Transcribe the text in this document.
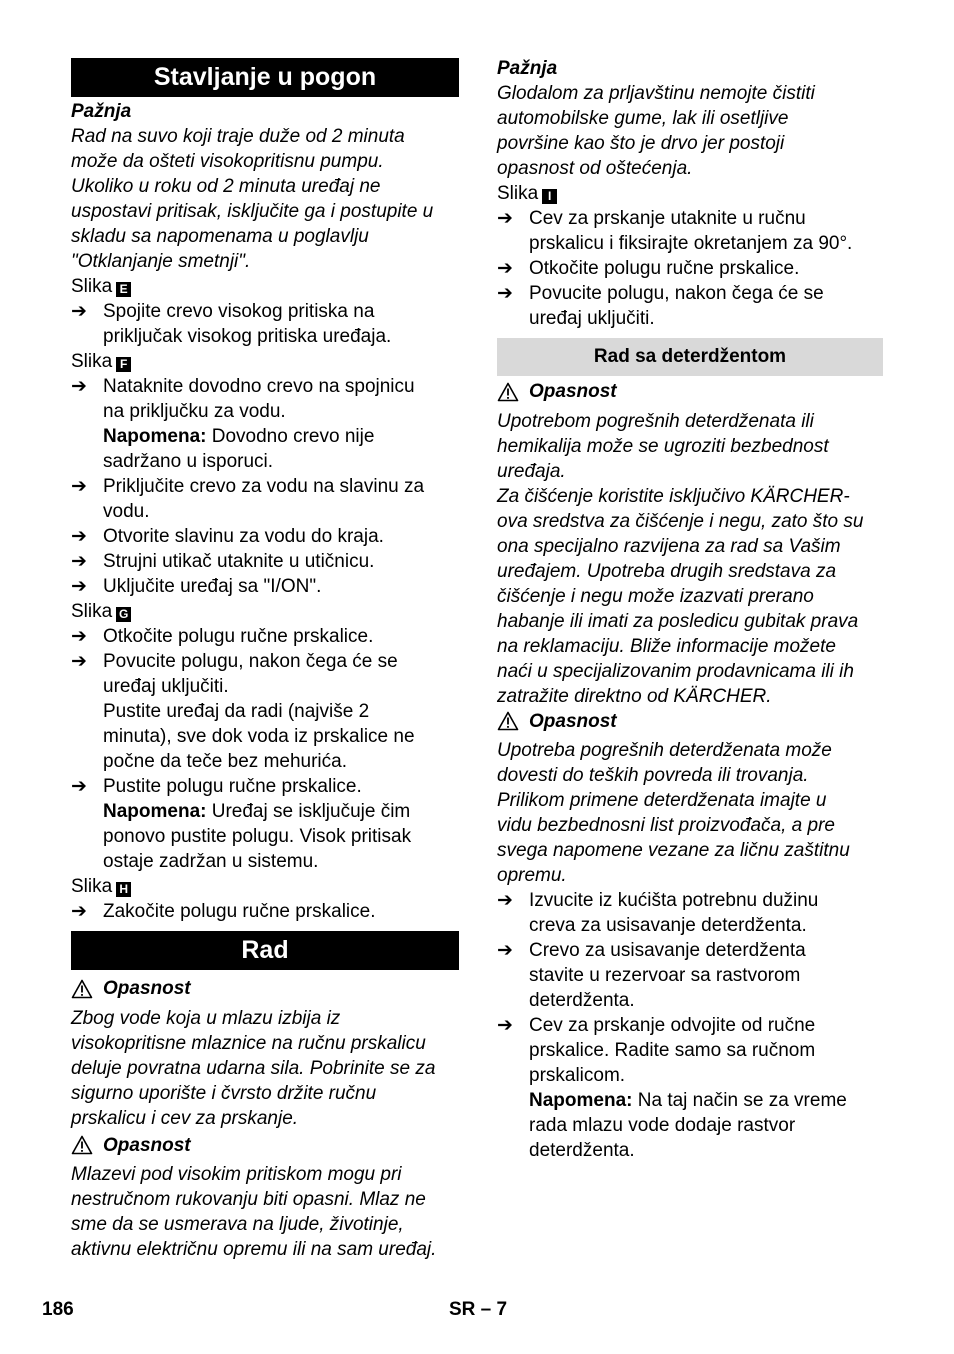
Stavljanje u pogon

Pažnja

Rad na suvo koji traje duže od 2 minuta
može da ošteti visokopritisnu pumpu.
Ukoliko u roku od 2 minuta uređaj ne
uspostavi pritisak, isključite ga i postupite u
skladu sa napomenama u poglavlju
"Otklanjanje smetnji".

Slika E

➔ Spojite crevo visokog pritiska na
priključak visokog pritiska uređaja.

Slika F

➔ Nataknite dovodno crevo na spojnicu
na priključku za vodu.
Napomena: Dovodno crevo nije
sadržano u isporuci.
➔ Priključite crevo za vodu na slavinu za
vodu.
➔ Otvorite slavinu za vodu do kraja.
➔ Strujni utikač utaknite u utičnicu.
➔ Uključite uređaj sa "I/ON".

Slika G

➔ Otkočite polugu ručne prskalice.
➔ Povucite polugu, nakon čega će se
uređaj uključiti.
Pustite uređaj da radi (najviše 2
minuta), sve dok voda iz prskalice ne
počne da teče bez mehurića.
➔ Pustite polugu ručne prskalice.
Napomena: Uređaj se isključuje čim
ponovo pustite polugu. Visok pritisak
ostaje zadržan u sistemu.

Slika H

➔ Zakočite polugu ručne prskalice.
Rad

Opasnost

Zbog vode koja u mlazu izbija iz
visokopritisne mlaznice na ručnu prskalicu
deluje povratna udarna sila. Pobrinite se za
sigurno uporište i čvrsto držite ručnu
prskalicu i cev za prskanje.

Opasnost

Mlazevi pod visokim pritiskom mogu pri
nestručnom rukovanju biti opasni. Mlaz ne
sme da se usmerava na ljude, životinje,
aktivnu električnu opremu ili na sam uređaj.

Pažnja

Glodalom za prljavštinu nemojte čistiti
automobilske gume, lak ili osetljive
površine kao što je drvo jer postoji
opasnost od oštećenja.

Slika I

➔ Cev za prskanje utaknite u ručnu
prskalicu i fiksirajte okretanjem za 90°.
➔ Otkočite polugu ručne prskalice.
➔ Povucite polugu, nakon čega će se
uređaj uključiti.
Rad sa deterdžentom

Opasnost

Upotrebom pogrešnih deterdženata ili
hemikalija može se ugroziti bezbednost
uređaja.
Za čišćenje koristite isključivo KÄRCHER-
ova sredstva za čišćenje i negu, zato što su
ona specijalno razvijena za rad sa Vašim
uređajem. Upotreba drugih sredstava za
čišćenje i negu može izazvati prerano
habanje ili imati za posledicu gubitak prava
na reklamaciju. Bliže informacije možete
naći u specijalizovanim prodavnicama ili ih
zatražite direktno od KÄRCHER.

Opasnost

Upotreba pogrešnih deterdženata može
dovesti do teških povreda ili trovanja.
Prilikom primene deterdženata imajte u
vidu bezbednosni list proizvođača, a pre
svega napomene vezane za ličnu zaštitnu
opremu.
➔ Izvucite iz kućišta potrebnu dužinu
creva za usisavanje deterdženta.
➔ Crevo za usisavanje deterdženta
stavite u rezervoar sa rastvorom
deterdženta.
➔ Cev za prskanje odvojite od ručne
prskalice. Radite samo sa ručnom
prskalicom.
Napomena: Na taj način se za vreme
rada mlazu vode dodaje rastvor
deterdženta.
186	SR – 7
